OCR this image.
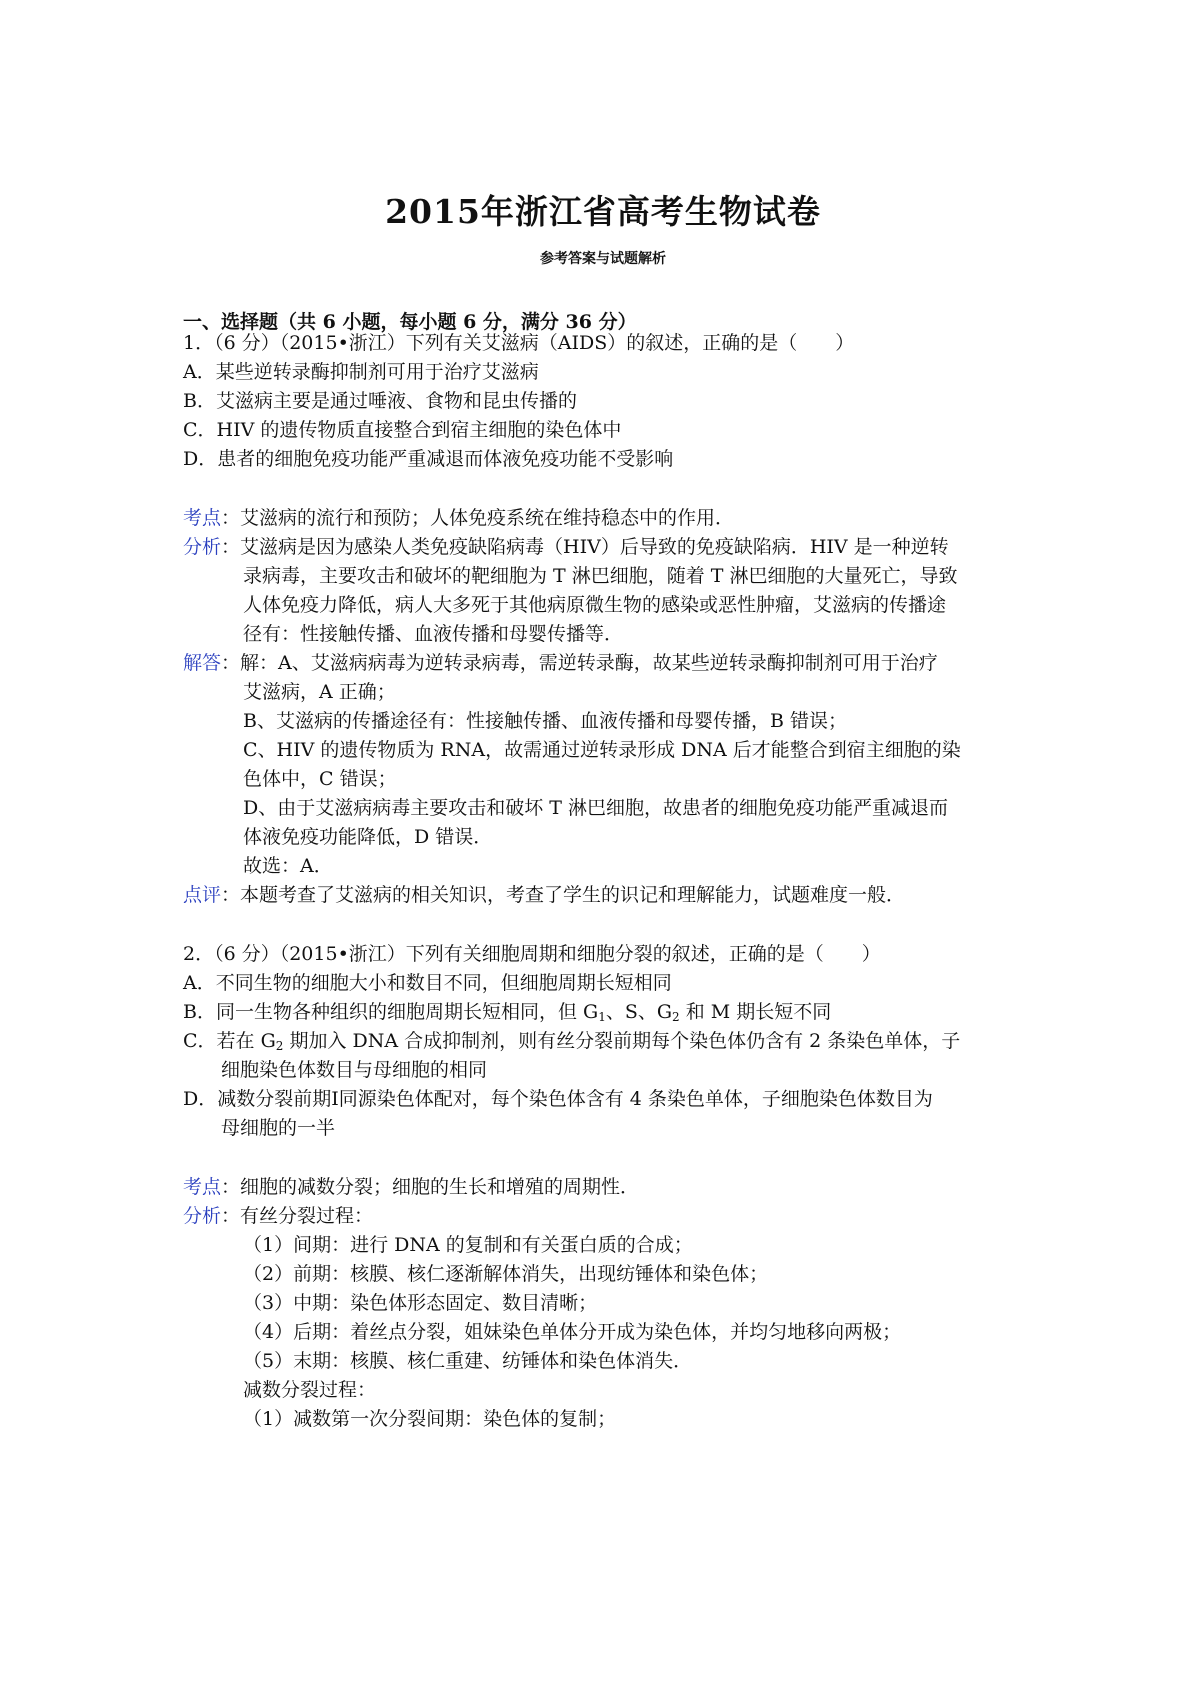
2015年浙江省高考生物试卷
参考答案与试题解析
一、选择题（共 6 小题，每小题 6 分，满分 36 分）
1．（6 分）（2015•浙江）下列有关艾滋病（AIDS）的叙述，正确的是（　　）
A．某些逆转录酶抑制剂可用于治疗艾滋病
B．艾滋病主要是通过唾液、食物和昆虫传播的
C．HIV 的遗传物质直接整合到宿主细胞的染色体中
D．患者的细胞免疫功能严重减退而体液免疫功能不受影响
考点：艾滋病的流行和预防；人体免疫系统在维持稳态中的作用．
分析：艾滋病是因为感染人类免疫缺陷病毒（HIV）后导致的免疫缺陷病．HIV 是一种逆转
录病毒，主要攻击和破坏的靶细胞为 T 淋巴细胞，随着 T 淋巴细胞的大量死亡，导致
人体免疫力降低，病人大多死于其他病原微生物的感染或恶性肿瘤，艾滋病的传播途
径有：性接触传播、血液传播和母婴传播等．
解答：解：A、艾滋病病毒为逆转录病毒，需逆转录酶，故某些逆转录酶抑制剂可用于治疗
艾滋病，A 正确；
B、艾滋病的传播途径有：性接触传播、血液传播和母婴传播，B 错误；
C、HIV 的遗传物质为 RNA，故需通过逆转录形成 DNA 后才能整合到宿主细胞的染
色体中，C 错误；
D、由于艾滋病病毒主要攻击和破坏 T 淋巴细胞，故患者的细胞免疫功能严重减退而
体液免疫功能降低，D 错误．
故选：A．
点评：本题考查了艾滋病的相关知识，考查了学生的识记和理解能力，试题难度一般．
2．（6 分）（2015•浙江）下列有关细胞周期和细胞分裂的叙述，正确的是（　　）
A．不同生物的细胞大小和数目不同，但细胞周期长短相同
B．同一生物各种组织的细胞周期长短相同，但 $G_1$、S、$G_2$ 和 M 期长短不同
C．若在 $G_2$ 期加入 DNA 合成抑制剂，则有丝分裂前期每个染色体仍含有 2 条染色单体，子
细胞染色体数目与母细胞的相同
D．减数分裂前期Ⅰ同源染色体配对，每个染色体含有 4 条染色单体，子细胞染色体数目为
母细胞的一半
考点：细胞的减数分裂；细胞的生长和增殖的周期性．
分析：有丝分裂过程：
（1）间期：进行 DNA 的复制和有关蛋白质的合成；
（2）前期：核膜、核仁逐渐解体消失，出现纺锤体和染色体；
（3）中期：染色体形态固定、数目清晰；
（4）后期：着丝点分裂，姐妹染色单体分开成为染色体，并均匀地移向两极；
（5）末期：核膜、核仁重建、纺锤体和染色体消失．
减数分裂过程：
（1）减数第一次分裂间期：染色体的复制；
